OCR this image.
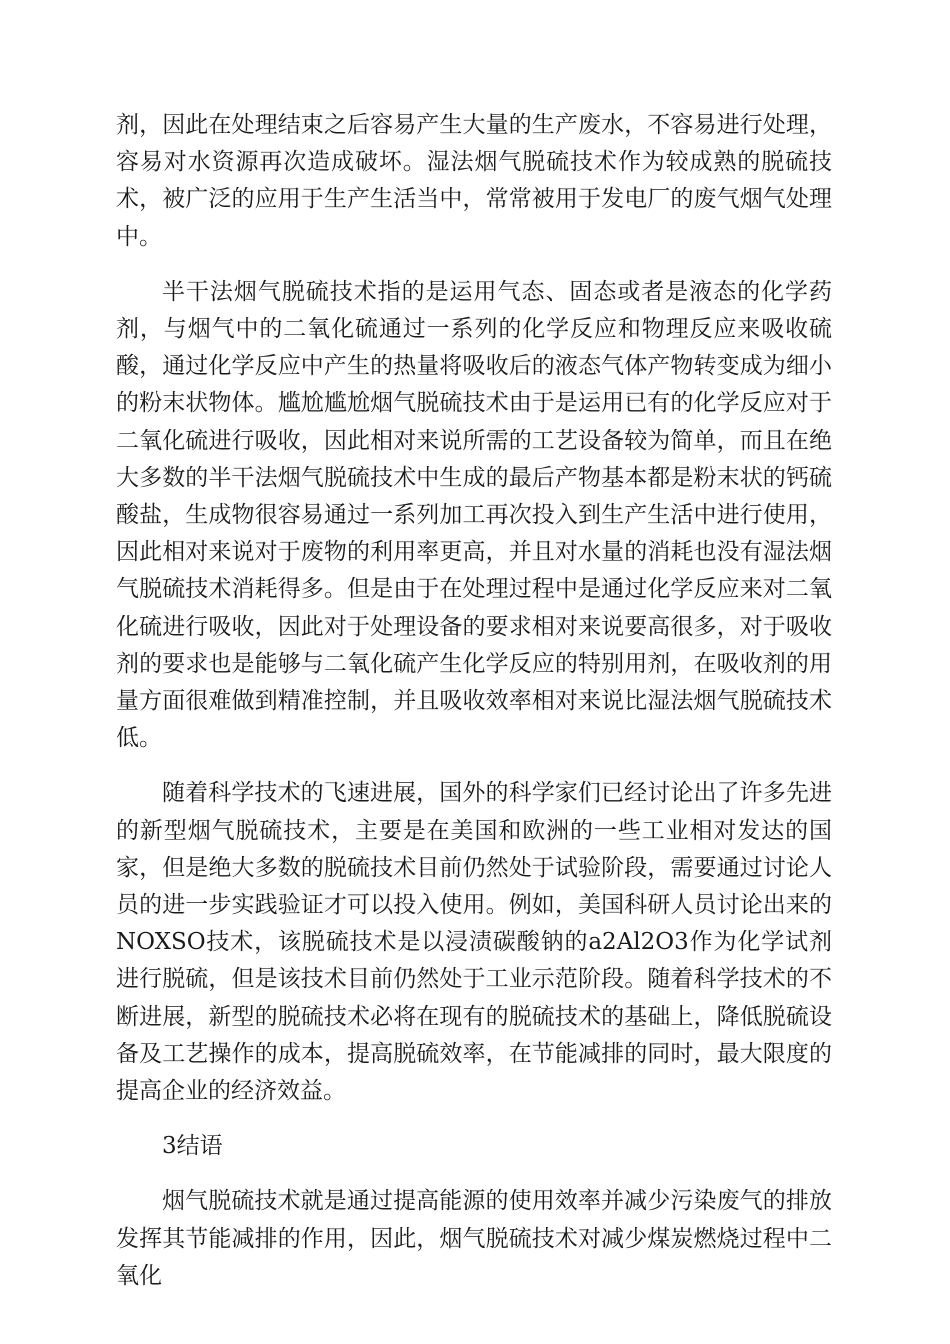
剂，因此在处理结束之后容易产生大量的生产废水，不容易进行处理，容易对水资源再次造成破坏。湿法烟气脱硫技术作为较成熟的脱硫技术，被广泛的应用于生产生活当中，常常被用于发电厂的废气烟气处理中。

半干法烟气脱硫技术指的是运用气态、固态或者是液态的化学药剂，与烟气中的二氧化硫通过一系列的化学反应和物理反应来吸收硫酸，通过化学反应中产生的热量将吸收后的液态气体产物转变成为细小的粉末状物体。尴尬尴尬烟气脱硫技术由于是运用已有的化学反应对于二氧化硫进行吸收，因此相对来说所需的工艺设备较为简单，而且在绝大多数的半干法烟气脱硫技术中生成的最后产物基本都是粉末状的钙硫酸盐，生成物很容易通过一系列加工再次投入到生产生活中进行使用，因此相对来说对于废物的利用率更高，并且对水量的消耗也没有湿法烟气脱硫技术消耗得多。但是由于在处理过程中是通过化学反应来对二氧化硫进行吸收，因此对于处理设备的要求相对来说要高很多，对于吸收剂的要求也是能够与二氧化硫产生化学反应的特别用剂，在吸收剂的用量方面很难做到精准控制，并且吸收效率相对来说比湿法烟气脱硫技术低。

随着科学技术的飞速进展，国外的科学家们已经讨论出了许多先进的新型烟气脱硫技术，主要是在美国和欧洲的一些工业相对发达的国家，但是绝大多数的脱硫技术目前仍然处于试验阶段，需要通过讨论人员的进一步实践验证才可以投入使用。例如，美国科研人员讨论出来的NOXSO技术，该脱硫技术是以浸渍碳酸钠的a2Al2O3作为化学试剂进行脱硫，但是该技术目前仍然处于工业示范阶段。随着科学技术的不断进展，新型的脱硫技术必将在现有的脱硫技术的基础上，降低脱硫设备及工艺操作的成本，提高脱硫效率，在节能减排的同时，最大限度的提高企业的经济效益。

3结语

烟气脱硫技术就是通过提高能源的使用效率并减少污染废气的排放发挥其节能减排的作用，因此，烟气脱硫技术对减少煤炭燃烧过程中二氧化
